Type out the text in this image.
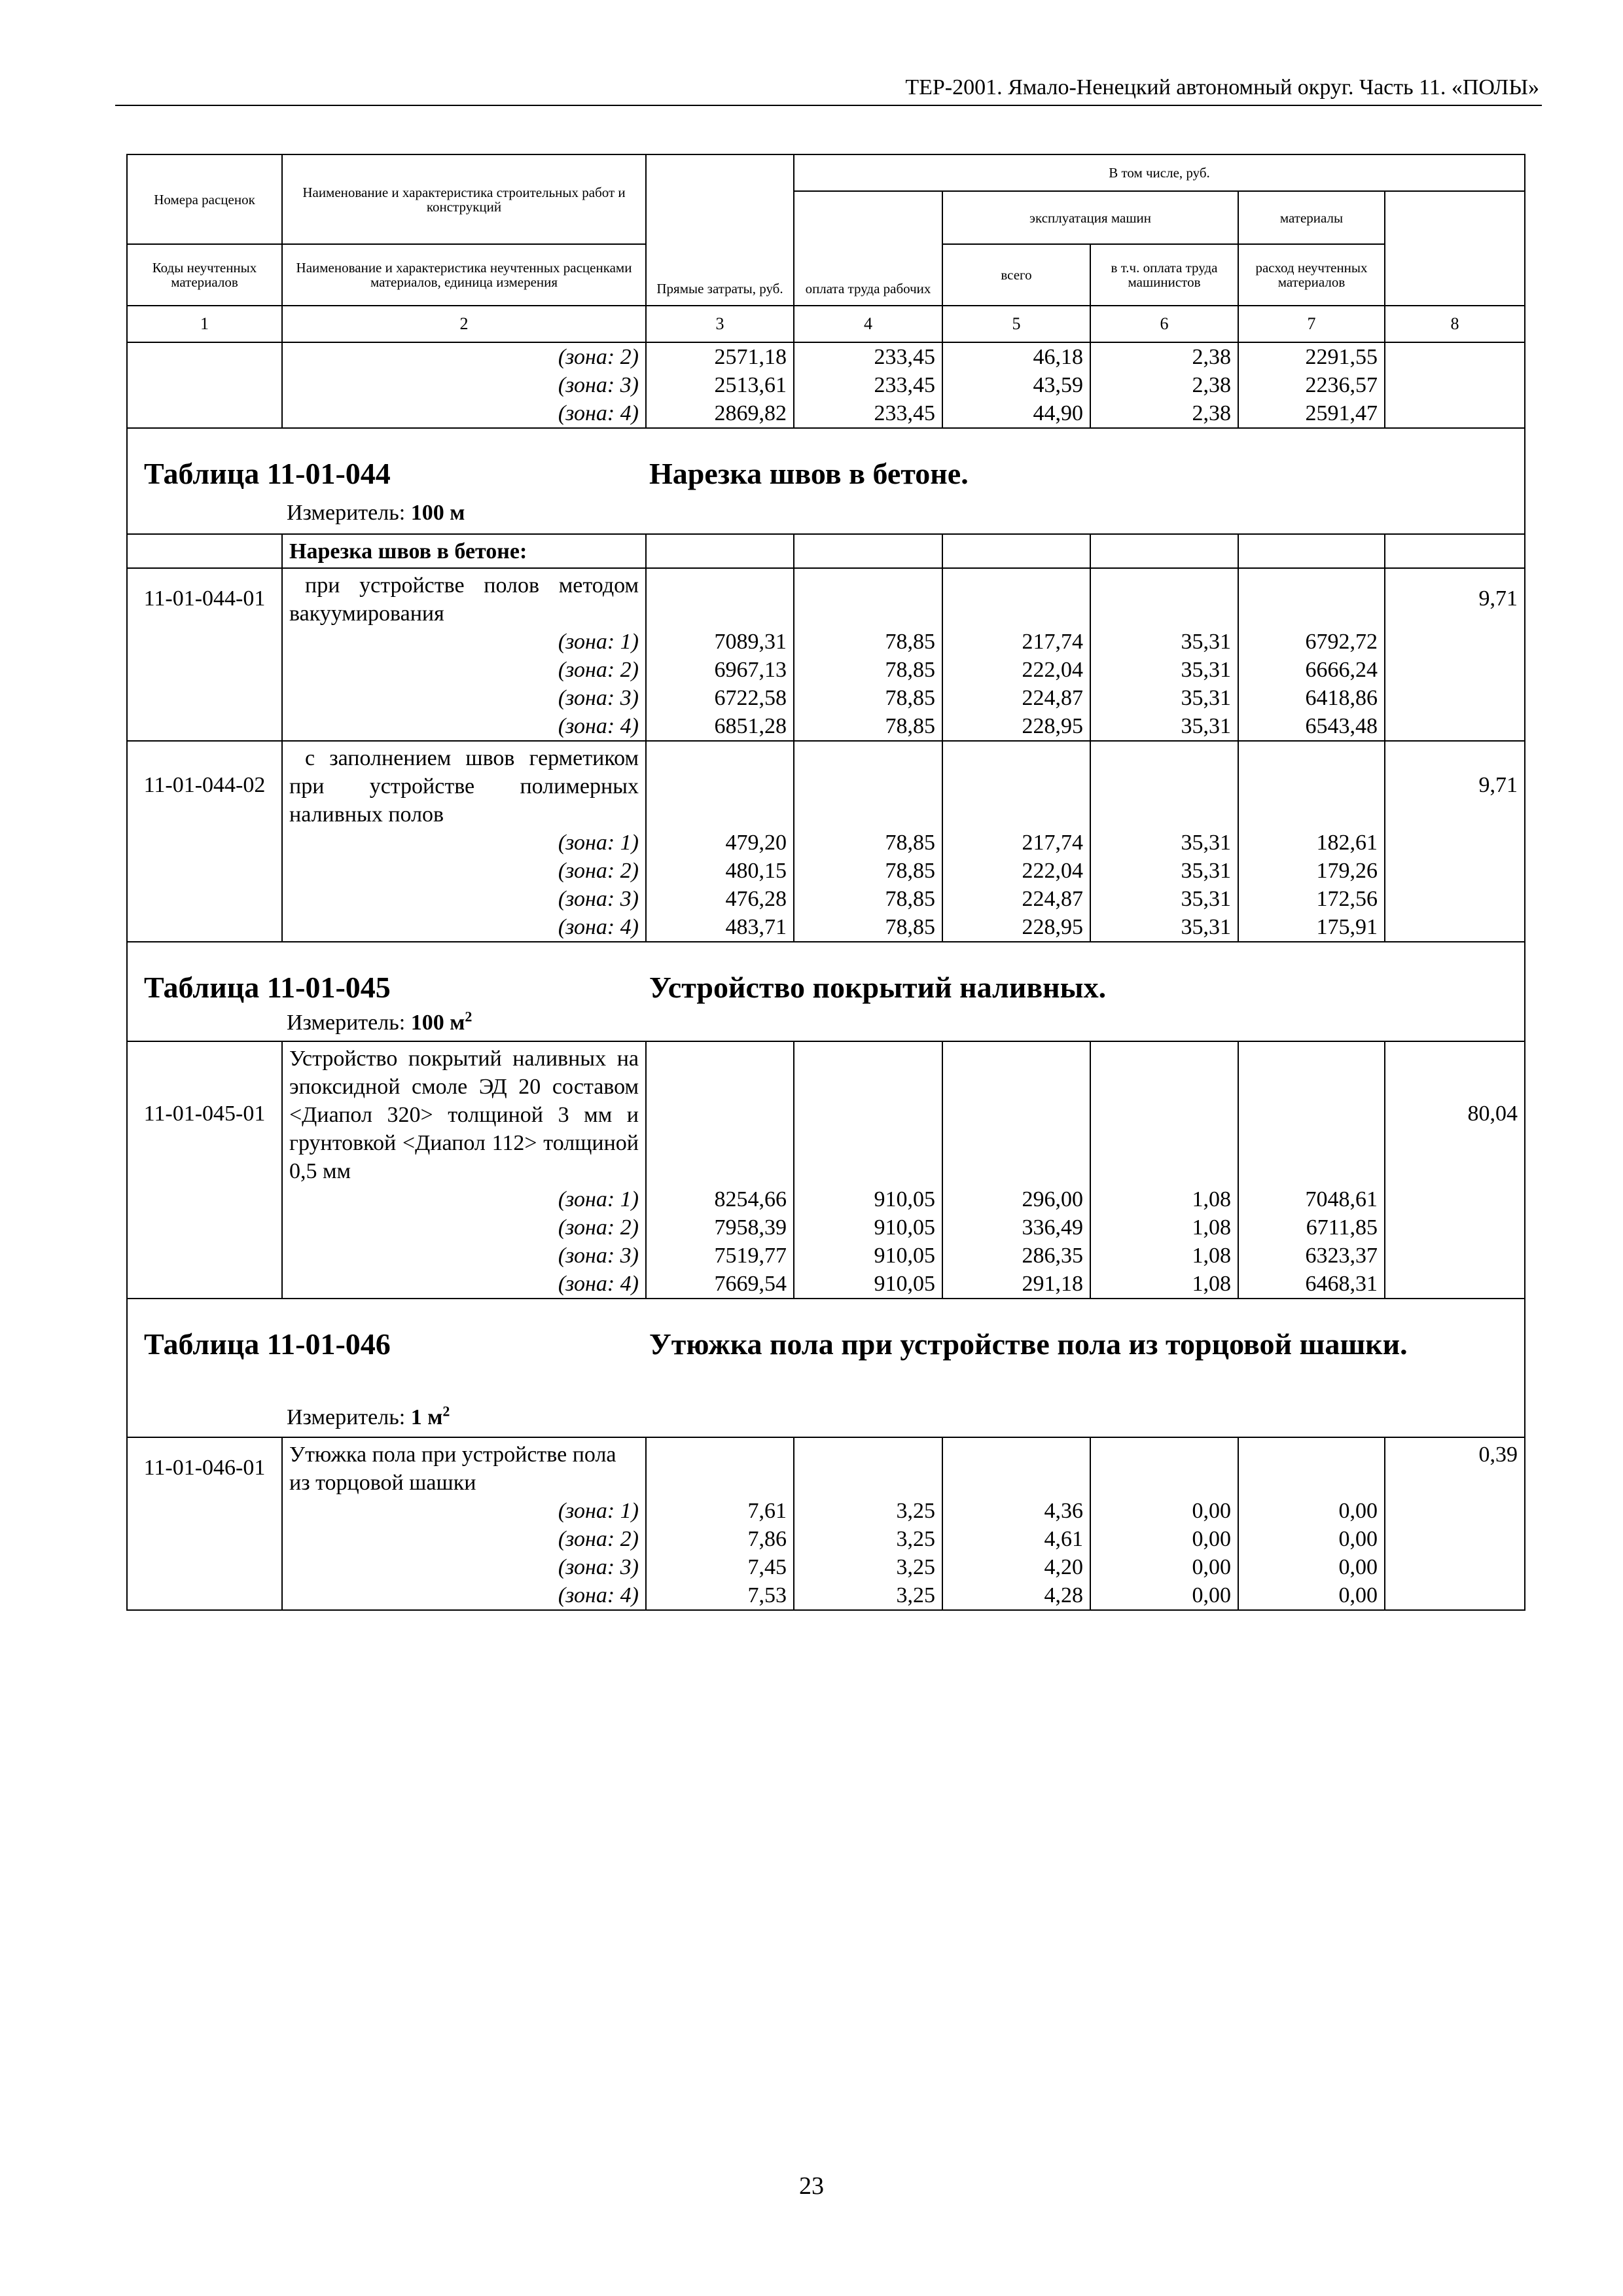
ТЕР-2001. Ямало-Ненецкий автономный округ. Часть 11. «ПОЛЫ»
Номера расценок	Наименование и характеристика строительных работ и конструкций	Прямые затраты, руб.	В том числе, руб.	
			оплата труда рабочих	эксплуатация машин		материалы		
Коды неучтенных материалов	Наименование и характеристика неучтенных расценками материалов, единица измерения			всего	в т.ч. оплата труда машинистов	расход неучтенных материалов		
1	2	3	4	5	6	7	8	
	(зона: 2)	2571,18	233,45	46,18	2,38	2291,55		
	(зона: 3)	2513,61	233,45	43,59	2,38	2236,57		
	(зона: 4)	2869,82	233,45	44,90	2,38	2591,47		

Таблица 11-01-044 Нарезка швов в бетоне.
Измеритель: 100 м								

	Нарезка швов в бетоне:							
11-01-044-01	при устройстве полов методом вакуумирования						9,71	
	(зона: 1)	7089,31	78,85	217,74	35,31	6792,72		
	(зона: 2)	6967,13	78,85	222,04	35,31	6666,24		
	(зона: 3)	6722,58	78,85	224,87	35,31	6418,86		
	(зона: 4)	6851,28	78,85	228,95	35,31	6543,48		
11-01-044-02	с заполнением швов герметиком при устройстве полимерных наливных полов						9,71	
	(зона: 1)	479,20	78,85	217,74	35,31	182,61		
	(зона: 2)	480,15	78,85	222,04	35,31	179,26		
	(зона: 3)	476,28	78,85	224,87	35,31	172,56		
	(зона: 4)	483,71	78,85	228,95	35,31	175,91		

Таблица 11-01-045 Устройство покрытий наливных.
Измеритель: 100 $м^2$

11-01-045-01	Устройство покрытий наливных на эпоксидной смоле ЭД 20 составом <Диапол 320> толщиной 3 мм и грунтовкой <Диапол 112> толщиной 0,5 мм						80,04	
	(зона: 1)	8254,66	910,05	296,00	1,08	7048,61		
	(зона: 2)	7958,39	910,05	336,49	1,08	6711,85		
	(зона: 3)	7519,77	910,05	286,35	1,08	6323,37		
	(зона: 4)	7669,54	910,05	291,18	1,08	6468,31		

Таблица 11-01-046 Утюжка пола при устройстве пола из торцовой шашки.
Измеритель: 1 $м^2$

11-01-046-01	Утюжка пола при устройстве пола из торцовой шашки						0,39	
	(зона: 1)	7,61	3,25	4,36	0,00	0,00		
	(зона: 2)	7,86	3,25	4,61	0,00	0,00		
	(зона: 3)	7,45	3,25	4,20	0,00	0,00		
	(зона: 4)	7,53	3,25	4,28	0,00	0,00		
23
